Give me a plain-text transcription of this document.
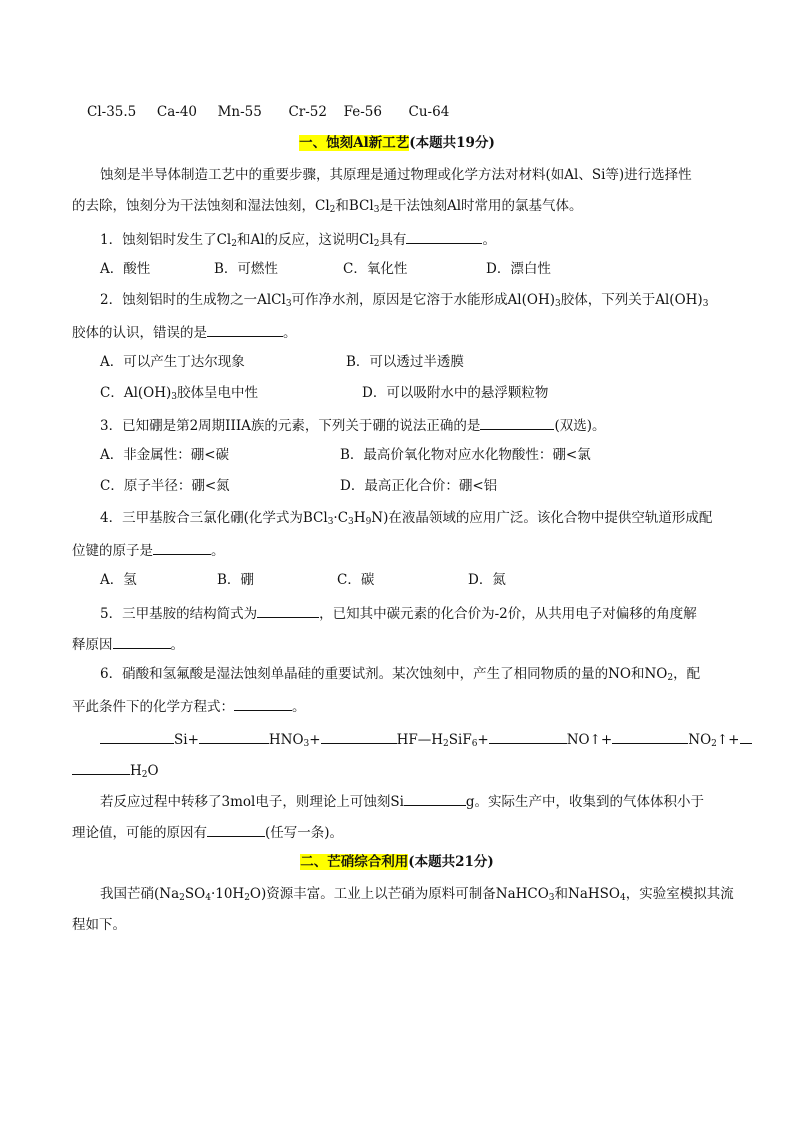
Cl-35.5 Ca-40 Mn-55 Cr-52 Fe-56 Cu-64
一、蚀刻Al新工艺(本题共19分)
蚀刻是半导体制造工艺中的重要步骤，其原理是通过物理或化学方法对材料(如Al、Si等)进行选择性
的去除，蚀刻分为干法蚀刻和湿法蚀刻，$Cl_2$和BCl$_3$是干法蚀刻Al时常用的氯基气体。
1．蚀刻铝时发生了$Cl_2$和Al的反应，这说明$Cl_2$具有	。
A．酸性	B．可燃性	C．氧化性	D．漂白性
2．蚀刻铝时的生成物之一AlCl$_3$可作净水剂，原因是它溶于水能形成$Al(OH)_3$胶体，下列关于$Al(OH)_3$
胶体的认识，错误的是	。
A．可以产生丁达尔现象	B．可以透过半透膜
C．$Al(OH)_3$胶体呈电中性	D．可以吸附水中的悬浮颗粒物
3．已知硼是第2周期IIIA族的元素，下列关于硼的说法正确的是	(双选)。
A．非金属性：硼<碳	B．最高价氧化物对应水化物酸性：硼<氯
C．原子半径：硼<氮	D．最高正化合价：硼<铝
4．三甲基胺合三氯化硼(化学式为$BCl_3\cdot C_3H_9N$)在液晶领域的应用广泛。该化合物中提供空轨道形成配
位键的原子是	。
A．氢	B．硼	C．碳	D．氮
5．三甲基胺的结构简式为	，已知其中碳元素的化合价为-2价，从共用电子对偏移的角度解
释原因	。
6．硝酸和氢氟酸是湿法蚀刻单晶硅的重要试剂。某次蚀刻中，产生了相同物质的量的NO和$NO_2$，配
平此条件下的化学方程式：	。
Si+	$HNO_3+$	$HF—H_2SiF_6+$	NO↑+	$NO_2↑+$
$H_2O$
若反应过程中转移了3mol电子，则理论上可蚀刻Si	g。实际生产中，收集到的气体体积小于
理论值，可能的原因有	(任写一条)。
二、芒硝综合利用(本题共21分)
我国芒硝$(Na_2SO_4\cdot 10H_2O)$资源丰富。工业上以芒硝为原料可制备NaHCO$_3$和NaHSO$_4$，实验室模拟其流
程如下。
